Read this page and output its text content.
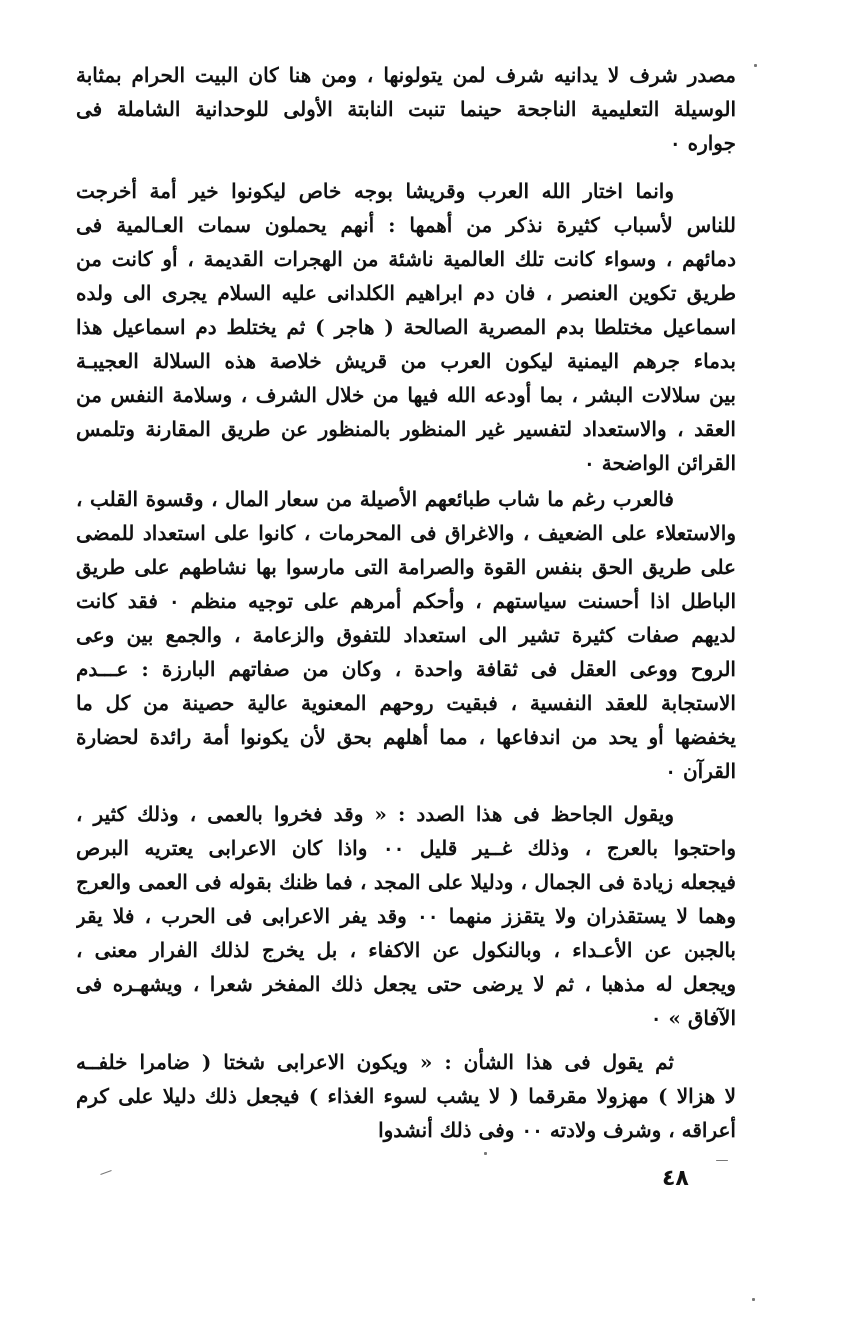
مصدر شرف لا يدانيه شرف لمن يتولونها ، ومن هنا كان البيت الحرام بمثابة
الوسيلة التعليمية الناجحة حينما تنبت النابتة الأولى للوحدانية الشاملة فى
جواره ٠
وانما اختار الله العرب وقريشا بوجه خاص ليكونوا خير أمة أخرجت
للناس لأسباب كثيرة نذكر من أهمها : أنهم يحملون سمات العـالمية فى
دمائهم ، وسواء كانت تلك العالمية ناشئة من الهجرات القديمة ، أو كانت من
طريق تكوين العنصر ، فان دم ابراهيم الكلدانى عليه السلام يجرى الى ولده
اسماعيل مختلطا بدم المصرية الصالحة ( هاجر ) ثم يختلط دم اسماعيل هذا
بدماء جرهم اليمنية ليكون العرب من قريش خلاصة هذه السلالة العجيبـة
بين سلالات البشر ، بما أودعه الله فيها من خلال الشرف ، وسلامة النفس من
العقد ، والاستعداد لتفسير غير المنظور بالمنظور عن طريق المقارنة وتلمس
القرائن الواضحة ٠
فالعرب رغم ما شاب طبائعهم الأصيلة من سعار المال ، وقسوة القلب ،
والاستعلاء على الضعيف ، والاغراق فى المحرمات ، كانوا على استعداد للمضى
على طريق الحق بنفس القوة والصرامة التى مارسوا بها نشاطهم على طريق
الباطل اذا أحسنت سياستهم ، وأحكم أمرهم على توجيه منظم ٠ فقد كانت
لديهم صفات كثيرة تشير الى استعداد للتفوق والزعامة ، والجمع بين وعى
الروح ووعى العقل فى ثقافة واحدة ، وكان من صفاتهم البارزة : عـــدم
الاستجابة للعقد النفسية ، فبقيت روحهم المعنوية عالية حصينة من كل ما
يخفضها أو يحد من اندفاعها ، مما أهلهم بحق لأن يكونوا أمة رائدة لحضارة
القرآن ٠
ويقول الجاحظ فى هذا الصدد : « وقد فخروا بالعمى ، وذلك كثير ،
واحتجوا بالعرج ، وذلك غــير قليل ٠٠ واذا كان الاعرابى يعتريه البرص
فيجعله زيادة فى الجمال ، ودليلا على المجد ، فما ظنك بقوله فى العمى والعرج
وهما لا يستقذران ولا يتقزز منهما ٠٠ وقد يفر الاعرابى فى الحرب ، فلا يقر
بالجبن عن الأعـداء ، وبالنكول عن الاكفاء ، بل يخرج لذلك الفرار معنى ،
ويجعل له مذهبا ، ثم لا يرضى حتى يجعل ذلك المفخر شعرا ، ويشهـره فى
الآفاق » ٠
ثم يقول فى هذا الشأن : « ويكون الاعرابى شختا ( ضامرا خلفــه
لا هزالا ) مهزولا مقرقما ( لا يشب لسوء الغذاء ) فيجعل ذلك دليلا على كرم
أعراقه ، وشرف ولادته ٠٠ وفى ذلك أنشدوا
٤٨
